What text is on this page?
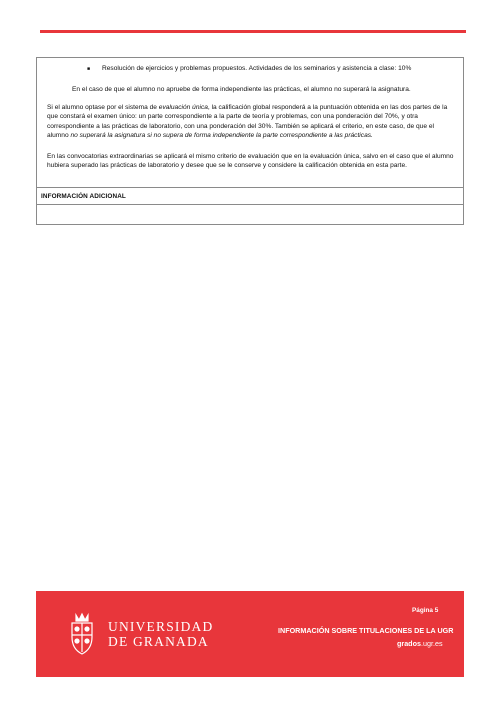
■ Resolución de ejercicios y problemas propuestos. Actividades de los seminarios y asistencia a clase: 10%
En el caso de que el alumno no apruebe de forma independiente las prácticas, el alumno no superará la asignatura.
Si el alumno optase por el sistema de evaluación única, la calificación global responderá a la puntuación obtenida en las dos partes de la que constará el examen único: un parte correspondiente a la parte de teoría y problemas, con una ponderación del 70%, y otra correspondiente a las prácticas de laboratorio, con una ponderación del 30%. También se aplicará el criterio, en este caso, de que el alumno no superará la asignatura si no supera de forma independiente la parte correspondiente a las prácticas.
En las convocatorias extraordinarias se aplicará el mismo criterio de evaluación que en la evaluación única, salvo en el caso que el alumno hubiera superado las prácticas de laboratorio y desee que se le conserve y considere la calificación obtenida en esta parte.
INFORMACIÓN ADICIONAL
UNIVERSIDAD
DE GRANADA
Página 5
INFORMACIÓN SOBRE TITULACIONES DE LA UGR
grados.ugr.es
